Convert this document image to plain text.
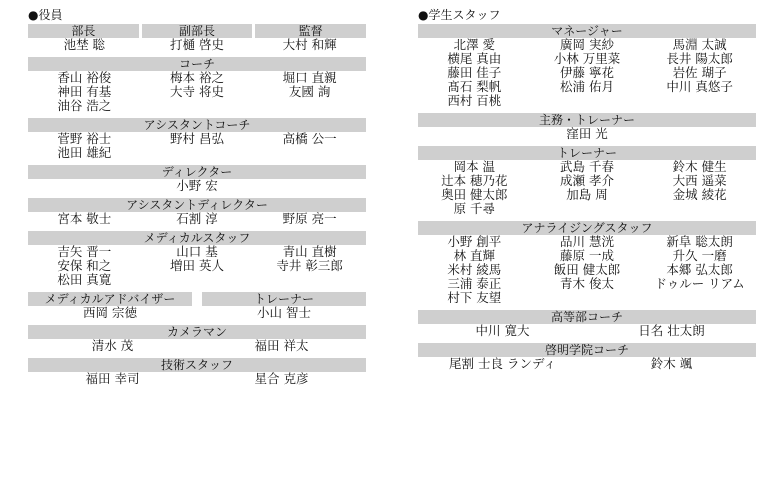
●役員
部長	副部長	監督
池埜 聡	打樋 啓史	大村 和輝
コーチ
香山 裕俊	梅本 裕之	堀口 直親
神田 有基	大寺 将史	友國 詢
油谷 浩之
アシスタントコーチ
菅野 裕士	野村 昌弘	高橋 公一
池田 雄紀
ディレクター
小野 宏
アシスタントディレクター
宮本 敬士	石割 淳	野原 亮一
メディカルスタッフ
吉矢 晋一	山口 基	青山 直樹
安保 和之	増田 英人	寺井 彰三郎
松田 真寛
メディカルアドバイザー
西岡 宗徳
トレーナー
小山 智士
カメラマン
清水 茂	福田 祥太
技術スタッフ
福田 幸司	星合 克彦
●学生スタッフ
マネージャー
北澤 愛	廣岡 実紗	馬淵 太誠
横尾 真由	小林 万里菜	長井 陽太郎
藤田 佳子	伊藤 寧花	岩佐 瑚子
髙石 梨帆	松浦 佑月	中川 真悠子
西村 百桃
主務・トレーナー
窪田 光
トレーナー
岡本 温	武島 千春	鈴木 健生
辻本 穂乃花	成瀬 孝介	大西 遥菜
奥田 健太郎	加島 周	金城 綾花
原 千尋
アナライジングスタッフ
小野 創平	品川 慧洸	新阜 聡太朗
林 直輝	藤原 一成	升久 一磨
米村 綾馬	飯田 健太郎	本郷 弘太郎
三浦 泰正	青木 俊太	ドゥルー リアム
村下 友望
高等部コーチ
中川 寛大	日名 壮太朗
啓明学院コーチ
尾割 士良 ランディ	鈴木 颯
